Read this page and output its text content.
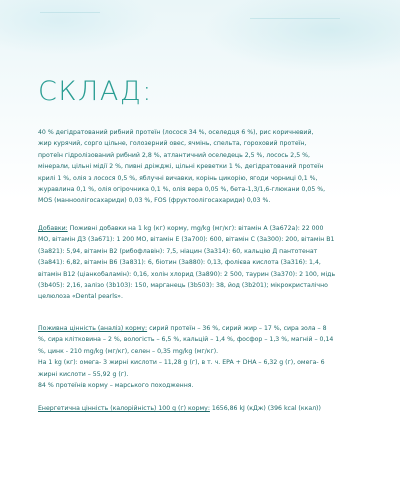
СКЛАД:

40 % дегідратований рибний протеїн (лосося 34 %, оселедця 6 %), рис коричневий,
жир курячий, сорго цільне, голозерний овес, ячмінь, спельта, гороховий протеїн,
протеїн гідролізований рибний 2,8 %, атлантичний оселедець 2,5 %, лосось 2,5 %,
мінерали, цільні мідії 2 %, пивні дріжджі, цільні креветки 1 %, дегідратований протеїн
крилі 1 %, олія з лосося 0,5 %, яблучні вичавки, корінь цикорію, ягоди чорниці 0,1 %,
журавлина 0,1 %, олія огірочника 0,1 %, олія вера 0,05 %, бета-1,3/1,6-глюкани 0,05 %,
MOS (манноолігосахариди) 0,03 %, FOS (фруктоолігосахариди) 0,03 %.

Добавки: Поживні добавки на 1 kg (кг) корму, mg/kg (мг/кг): вітамін А (3a672a): 22 000
МО, вітамін Д3 (3a671): 1 200 МО, вітамін Е (3a700): 600, вітамін С (3a300): 200, вітамін B1
(3a821): 5,94, вітамін B2 (рибофлавін): 7,5, ніацин (3a314): 60, кальцію Д пантотенат
(3a841): 6,82, вітамін B6 (3a831): 6, біотин (3a880): 0,13, фолієва кислота (3a316): 1,4,
вітамін B12 (ціанкобаламін): 0,16, холін хлорид (3a890): 2 500, таурин (3a370): 2 100, мідь
(3b405): 2,16, залізо (3b103): 150, марганець (3b503): 38, йод (3b201); мікрокристалічно
целюлоза «Dental pearls».

Поживна цінність (аналіз) корму: сирий протеїн – 36 %, сирий жир – 17 %, сира зола – 8
%, сира клітковина – 2 %, вологість – 6,5 %, кальцій – 1,4 %, фосфор – 1,3 %, магній – 0,14
%, цинк - 210 mg/kg (мг/кг), селен – 0,35 mg/kg (мг/кг).
На 1 kg (кг): омега- 3 жирні кислоти – 11,28 g (г), в т. ч. EPA + DHA – 6,32 g (г), омега- 6
жирні кислоти – 55,92 g (г).
84 % протеїнів корму – марського походження.

Енергетична цінність (калорійність) 100 g (г) корму: 1656,86 kJ (кДж) (396 kcal (ккал))
